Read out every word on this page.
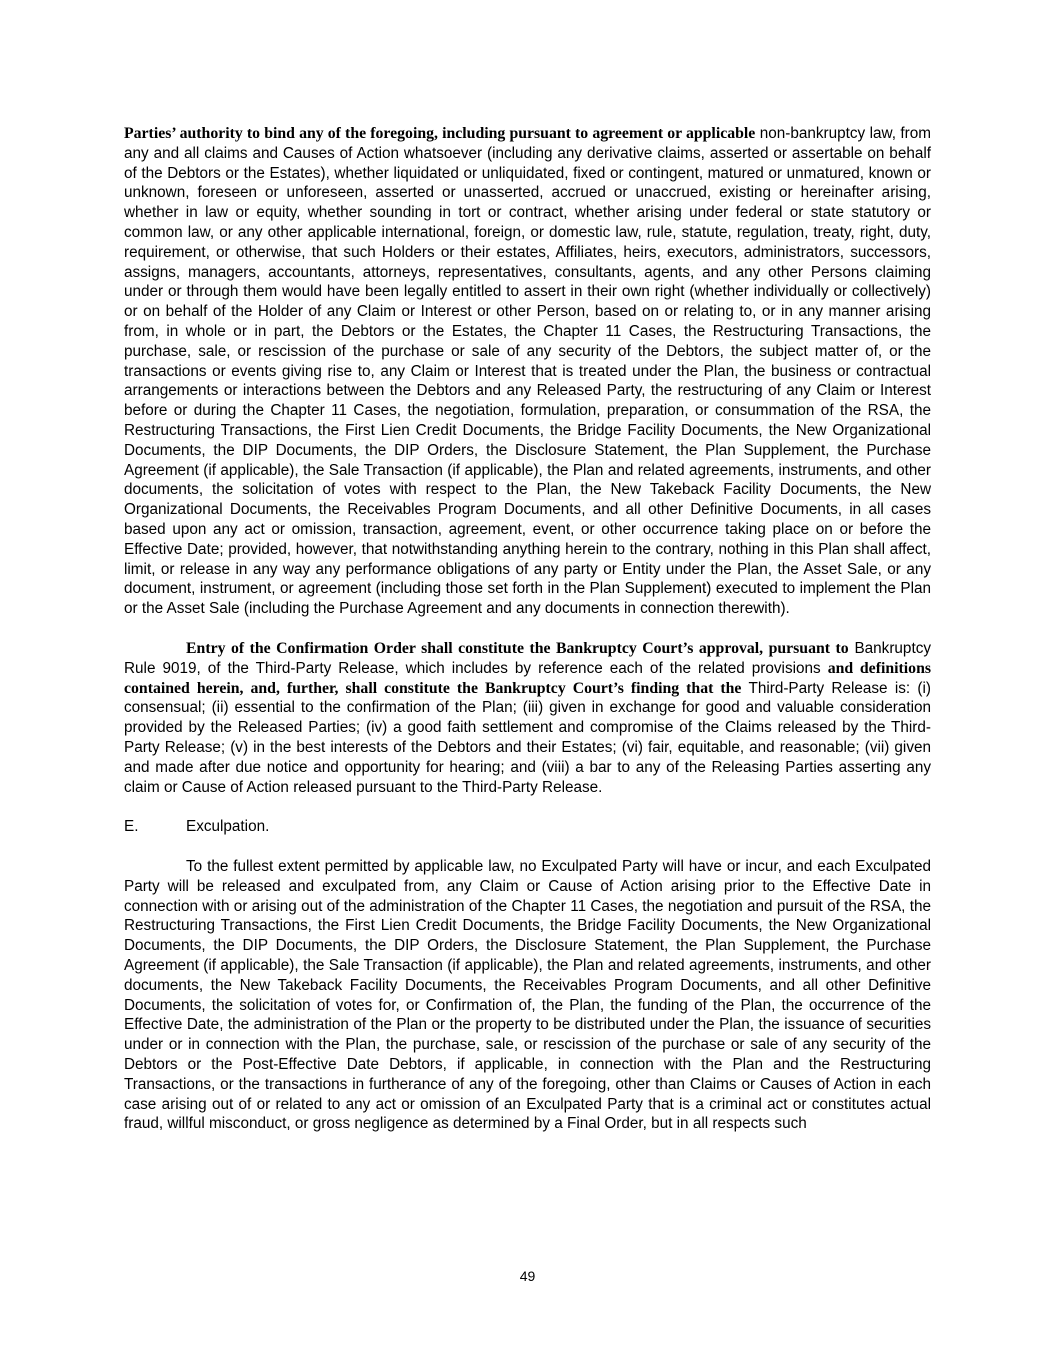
Parties’ authority to bind any of the foregoing, including pursuant to agreement or applicable non-bankruptcy law, from any and all claims and Causes of Action whatsoever (including any derivative claims, asserted or assertable on behalf of the Debtors or the Estates), whether liquidated or unliquidated, fixed or contingent, matured or unmatured, known or unknown, foreseen or unforeseen, asserted or unasserted, accrued or unaccrued, existing or hereinafter arising, whether in law or equity, whether sounding in tort or contract, whether arising under federal or state statutory or common law, or any other applicable international, foreign, or domestic law, rule, statute, regulation, treaty, right, duty, requirement, or otherwise, that such Holders or their estates, Affiliates, heirs, executors, administrators, successors, assigns, managers, accountants, attorneys, representatives, consultants, agents, and any other Persons claiming under or through them would have been legally entitled to assert in their own right (whether individually or collectively) or on behalf of the Holder of any Claim or Interest or other Person, based on or relating to, or in any manner arising from, in whole or in part, the Debtors or the Estates, the Chapter 11 Cases, the Restructuring Transactions, the purchase, sale, or rescission of the purchase or sale of any security of the Debtors, the subject matter of, or the transactions or events giving rise to, any Claim or Interest that is treated under the Plan, the business or contractual arrangements or interactions between the Debtors and any Released Party, the restructuring of any Claim or Interest before or during the Chapter 11 Cases, the negotiation, formulation, preparation, or consummation of the RSA, the Restructuring Transactions, the First Lien Credit Documents, the Bridge Facility Documents, the New Organizational Documents, the DIP Documents, the DIP Orders, the Disclosure Statement, the Plan Supplement, the Purchase Agreement (if applicable), the Sale Transaction (if applicable), the Plan and related agreements, instruments, and other documents, the solicitation of votes with respect to the Plan, the New Takeback Facility Documents, the New Organizational Documents, the Receivables Program Documents, and all other Definitive Documents, in all cases based upon any act or omission, transaction, agreement, event, or other occurrence taking place on or before the Effective Date; provided, however, that notwithstanding anything herein to the contrary, nothing in this Plan shall affect, limit, or release in any way any performance obligations of any party or Entity under the Plan, the Asset Sale, or any document, instrument, or agreement (including those set forth in the Plan Supplement) executed to implement the Plan or the Asset Sale (including the Purchase Agreement and any documents in connection therewith).

Entry of the Confirmation Order shall constitute the Bankruptcy Court’s approval, pursuant to Bankruptcy Rule 9019, of the Third-Party Release, which includes by reference each of the related provisions and definitions contained herein, and, further, shall constitute the Bankruptcy Court’s finding that the Third-Party Release is: (i) consensual; (ii) essential to the confirmation of the Plan; (iii) given in exchange for good and valuable consideration provided by the Released Parties; (iv) a good faith settlement and compromise of the Claims released by the Third-Party Release; (v) in the best interests of the Debtors and their Estates; (vi) fair, equitable, and reasonable; (vii) given and made after due notice and opportunity for hearing; and (viii) a bar to any of the Releasing Parties asserting any claim or Cause of Action released pursuant to the Third-Party Release.

E.	Exculpation.

To the fullest extent permitted by applicable law, no Exculpated Party will have or incur, and each Exculpated Party will be released and exculpated from, any Claim or Cause of Action arising prior to the Effective Date in connection with or arising out of the administration of the Chapter 11 Cases, the negotiation and pursuit of the RSA, the Restructuring Transactions, the First Lien Credit Documents, the Bridge Facility Documents, the New Organizational Documents, the DIP Documents, the DIP Orders, the Disclosure Statement, the Plan Supplement, the Purchase Agreement (if applicable), the Sale Transaction (if applicable), the Plan and related agreements, instruments, and other documents, the New Takeback Facility Documents, the Receivables Program Documents, and all other Definitive Documents, the solicitation of votes for, or Confirmation of, the Plan, the funding of the Plan, the occurrence of the Effective Date, the administration of the Plan or the property to be distributed under the Plan, the issuance of securities under or in connection with the Plan, the purchase, sale, or rescission of the purchase or sale of any security of the Debtors or the Post-Effective Date Debtors, if applicable, in connection with the Plan and the Restructuring Transactions, or the transactions in furtherance of any of the foregoing, other than Claims or Causes of Action in each case arising out of or related to any act or omission of an Exculpated Party that is a criminal act or constitutes actual fraud, willful misconduct, or gross negligence as determined by a Final Order, but in all respects such

49
